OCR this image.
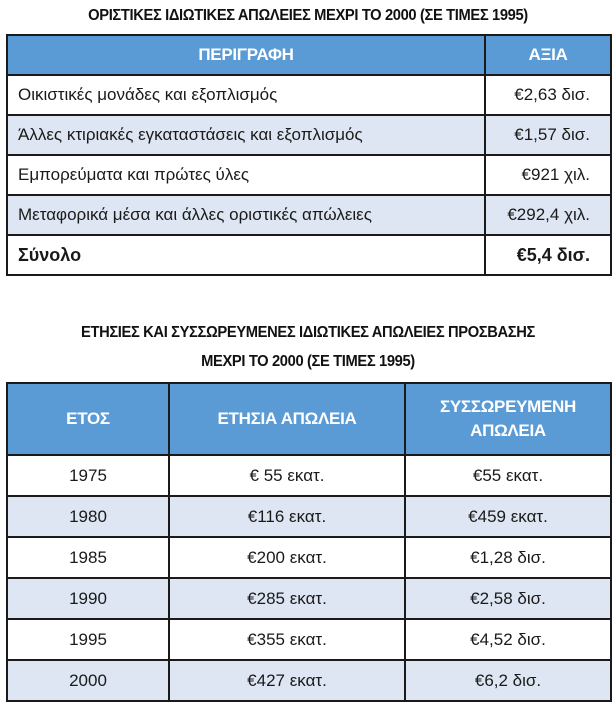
ΟΡΙΣΤΙΚΕΣ ΙΔΙΩΤΙΚΕΣ ΑΠΩΛΕΙΕΣ ΜΕΧΡΙ ΤΟ 2000 (ΣΕ ΤΙΜΕΣ 1995)
ΠΕΡΙΓΡΑΦΗ	ΑΞΙΑ
Οικιστικές μονάδες και εξοπλισμός	€2,63 δισ.
Άλλες κτιριακές εγκαταστάσεις και εξοπλισμός	€1,57 δισ.
Εμπορεύματα και πρώτες ύλες	€921 χιλ.
Μεταφορικά μέσα και άλλες οριστικές απώλειες	€292,4 χιλ.
Σύνολο	€5,4 δισ.
ΕΤΗΣΙΕΣ ΚΑΙ ΣΥΣΣΩΡΕΥΜΕΝΕΣ ΙΔΙΩΤΙΚΕΣ ΑΠΩΛΕΙΕΣ ΠΡΟΣΒΑΣΗΣ
ΜΕΧΡΙ ΤΟ 2000 (ΣΕ ΤΙΜΕΣ 1995)
ΕΤΟΣ	ΕΤΗΣΙΑ ΑΠΩΛΕΙΑ	ΣΥΣΣΩΡΕΥΜΕΝΗ
ΑΠΩΛΕΙΑ

1975	€ 55 εκατ.	€55 εκατ.
1980	€116 εκατ.	€459 εκατ.
1985	€200 εκατ.	€1,28 δισ.
1990	€285 εκατ.	€2,58 δισ.
1995	€355 εκατ.	€4,52 δισ.
2000	€427 εκατ.	€6,2 δισ.
